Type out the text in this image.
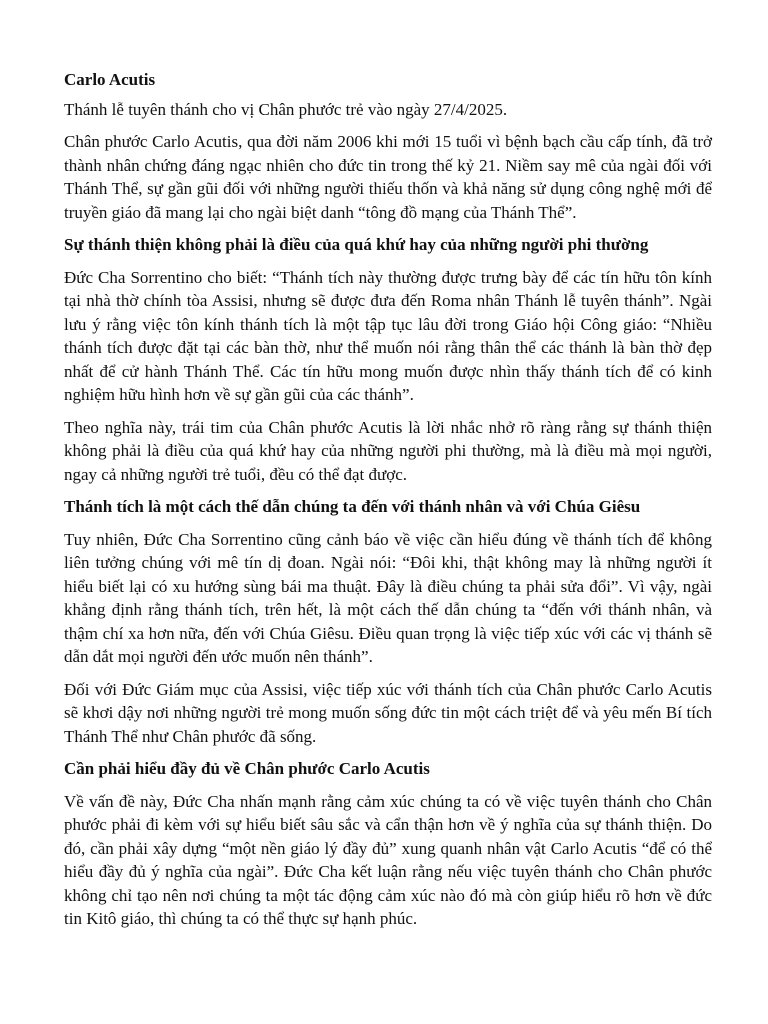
Carlo Acutis

Thánh lễ tuyên thánh cho vị Chân phước trẻ vào ngày 27/4/2025.

Chân phước Carlo Acutis, qua đời năm 2006 khi mới 15 tuổi vì bệnh bạch cầu cấp tính, đã trở thành nhân chứng đáng ngạc nhiên cho đức tin trong thế kỷ 21. Niềm say mê của ngài đối với Thánh Thể, sự gần gũi đối với những người thiếu thốn và khả năng sử dụng công nghệ mới để truyền giáo đã mang lại cho ngài biệt danh “tông đồ mạng của Thánh Thể”.

Sự thánh thiện không phải là điều của quá khứ hay của những người phi thường

Đức Cha Sorrentino cho biết: “Thánh tích này thường được trưng bày để các tín hữu tôn kính tại nhà thờ chính tòa Assisi, nhưng sẽ được đưa đến Roma nhân Thánh lễ tuyên thánh”. Ngài lưu ý rằng việc tôn kính thánh tích là một tập tục lâu đời trong Giáo hội Công giáo: “Nhiều thánh tích được đặt tại các bàn thờ, như thể muốn nói rằng thân thể các thánh là bàn thờ đẹp nhất để cử hành Thánh Thể. Các tín hữu mong muốn được nhìn thấy thánh tích để có kinh nghiệm hữu hình hơn về sự gần gũi của các thánh”.

Theo nghĩa này, trái tim của Chân phước Acutis là lời nhắc nhở rõ ràng rằng sự thánh thiện không phải là điều của quá khứ hay của những người phi thường, mà là điều mà mọi người, ngay cả những người trẻ tuổi, đều có thể đạt được.

Thánh tích là một cách thế dẫn chúng ta đến với thánh nhân và với Chúa Giêsu

Tuy nhiên, Đức Cha Sorrentino cũng cảnh báo về việc cần hiểu đúng về thánh tích để không liên tưởng chúng với mê tín dị đoan. Ngài nói: “Đôi khi, thật không may là những người ít hiểu biết lại có xu hướng sùng bái ma thuật. Đây là điều chúng ta phải sửa đổi”. Vì vậy, ngài khẳng định rằng thánh tích, trên hết, là một cách thế dẫn chúng ta “đến với thánh nhân, và thậm chí xa hơn nữa, đến với Chúa Giêsu. Điều quan trọng là việc tiếp xúc với các vị thánh sẽ dẫn dắt mọi người đến ước muốn nên thánh”.

Đối với Đức Giám mục của Assisi, việc tiếp xúc với thánh tích của Chân phước Carlo Acutis sẽ khơi dậy nơi những người trẻ mong muốn sống đức tin một cách triệt để và yêu mến Bí tích Thánh Thể như Chân phước đã sống.

Cần phải hiểu đầy đủ về Chân phước Carlo Acutis

Về vấn đề này, Đức Cha nhấn mạnh rằng cảm xúc chúng ta có về việc tuyên thánh cho Chân phước phải đi kèm với sự hiểu biết sâu sắc và cẩn thận hơn về ý nghĩa của sự thánh thiện. Do đó, cần phải xây dựng “một nền giáo lý đầy đủ” xung quanh nhân vật Carlo Acutis “để có thể hiểu đầy đủ ý nghĩa của ngài”. Đức Cha kết luận rằng nếu việc tuyên thánh cho Chân phước không chỉ tạo nên nơi chúng ta một tác động cảm xúc nào đó mà còn giúp hiểu rõ hơn về đức tin Kitô giáo, thì chúng ta có thể thực sự hạnh phúc.
